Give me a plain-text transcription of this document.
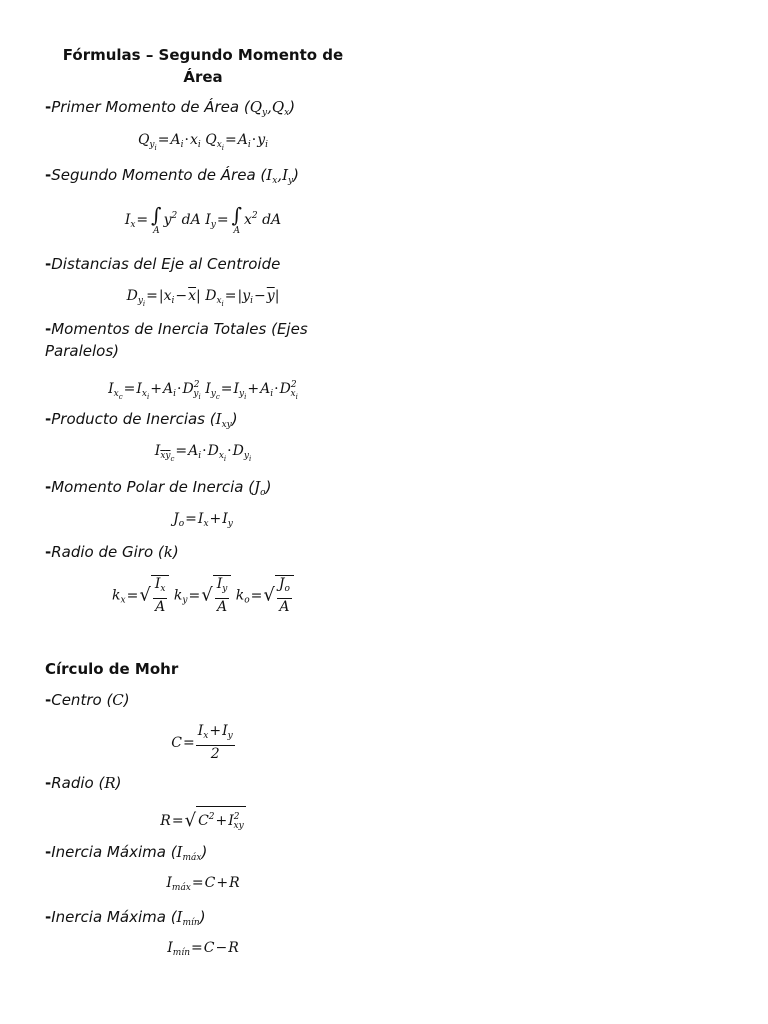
Fórmulas – Segundo Momento de Área
-Primer Momento de Área $(Q_y,Q_x)$
$Q_{y_i}=A_i\cdot x_i$ $Q_{x_i}=A_i\cdot y_i$
-Segundo Momento de Área $(I_x,I_y)$
$I_x=$ ∫
A
$y^2$ dA $I_y=$ ∫
A
$x^2$ dA
-Distancias del Eje al Centroide
$D_{y_i}=|x_i-\overline{x}|$ $D_{x_i}=|y_i-\overline{y}|$
-Momentos de Inercia Totales (Ejes Paralelos)
$I_{x_c}=I_{x_i}+A_i\cdot D^2_{y_i}$ $I_{y_c}=I_{y_i}+A_i\cdot D^2_{x_i}$
-Producto de Inercias $(I_{xy})$
$I_{\overline{x}\overline{y}_c}=A_i\cdot D_{x_i}\cdot D_{y_i}$
-Momento Polar de Inercia $(J_o)$
$J_o=I_x+I_y$
-Radio de Giro (k)
$k_x=√ \frac{I_x}{A} k_y=√ \frac{I_y}{A} k_o=√ \frac{J_o}{A}$
Círculo de Mohr
-Centro (C)
$C= \frac{I_x+I_y}{2}$
-Radio (R)
R=√ $C^2+I^2_{xy}$
-Inercia Máxima $(I_{máx})$
$I_{máx}=C+R$
-Inercia Máxima $(I_{mín})$
$I_{mín}=C-R$
